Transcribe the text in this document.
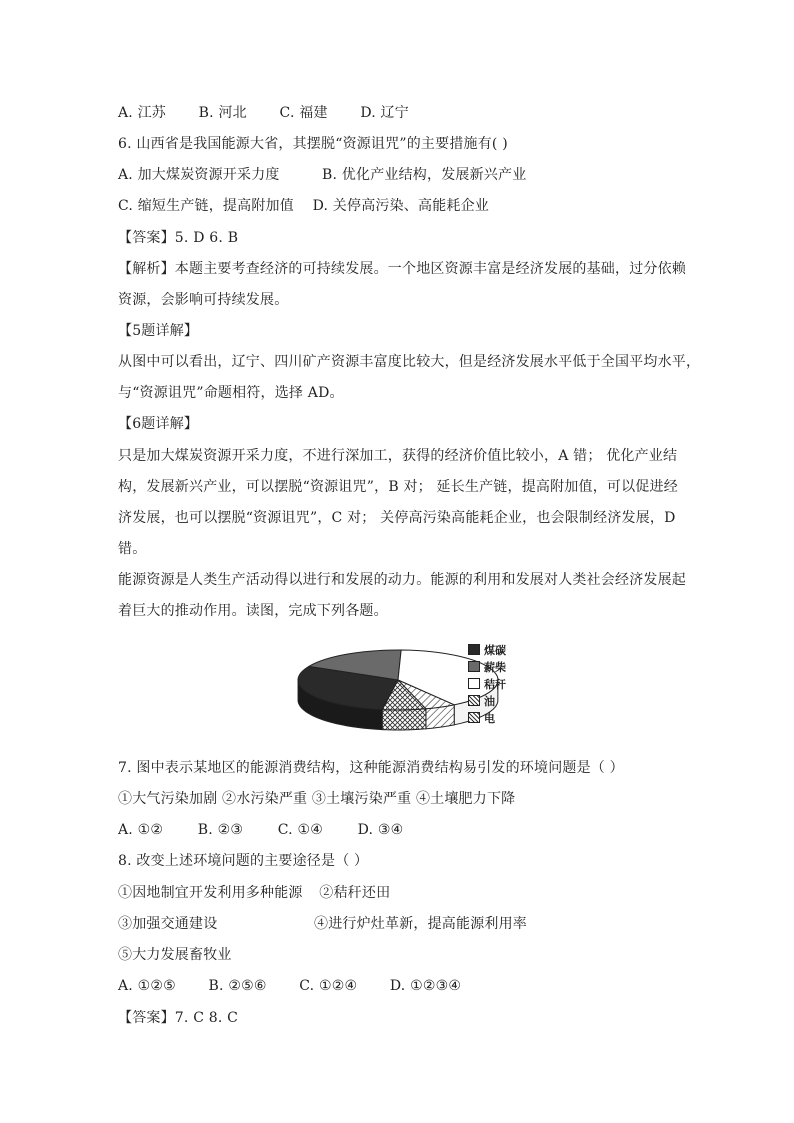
A. 江苏 B. 河北 C. 福建 D. 辽宁
6. 山西省是我国能源大省，其摆脱“资源诅咒”的主要措施有( )
A. 加大煤炭资源开采力度	B. 优化产业结构，发展新兴产业
C. 缩短生产链，提高附加值 D. 关停高污染、高能耗企业
【答案】5. D 6. B
【解析】本题主要考查经济的可持续发展。一个地区资源丰富是经济发展的基础，过分依赖
资源，会影响可持续发展。
【5题详解】
从图中可以看出，辽宁、四川矿产资源丰富度比较大，但是经济发展水平低于全国平均水平，
与“资源诅咒”命题相符，选择 AD。
【6题详解】
只是加大煤炭资源开采力度，不进行深加工，获得的经济价值比较小，A 错； 优化产业结
构，发展新兴产业，可以摆脱“资源诅咒”，B 对； 延长生产链，提高附加值，可以促进经
济发展，也可以摆脱“资源诅咒”，C 对； 关停高污染高能耗企业，也会限制经济发展，D
错。
能源资源是人类生产活动得以进行和发展的动力。能源的利用和发展对人类社会经济发展起
着巨大的推动作用。读图，完成下列各题。
煤碳
薪柴
秸秆
油
电
7. 图中表示某地区的能源消费结构，这种能源消费结构易引发的环境问题是（ ）
①大气污染加剧 ②水污染严重 ③土壤污染严重 ④土壤肥力下降
A. ①② B. ②③ C. ①④ D. ③④
8. 改变上述环境问题的主要途径是（ ）
①因地制宜开发利用多种能源 ②秸秆还田
③加强交通建设	④进行炉灶革新，提高能源利用率
⑤大力发展畜牧业
A. ①②⑤ B. ②⑤⑥ C. ①②④ D. ①②③④
【答案】7. C 8. C
